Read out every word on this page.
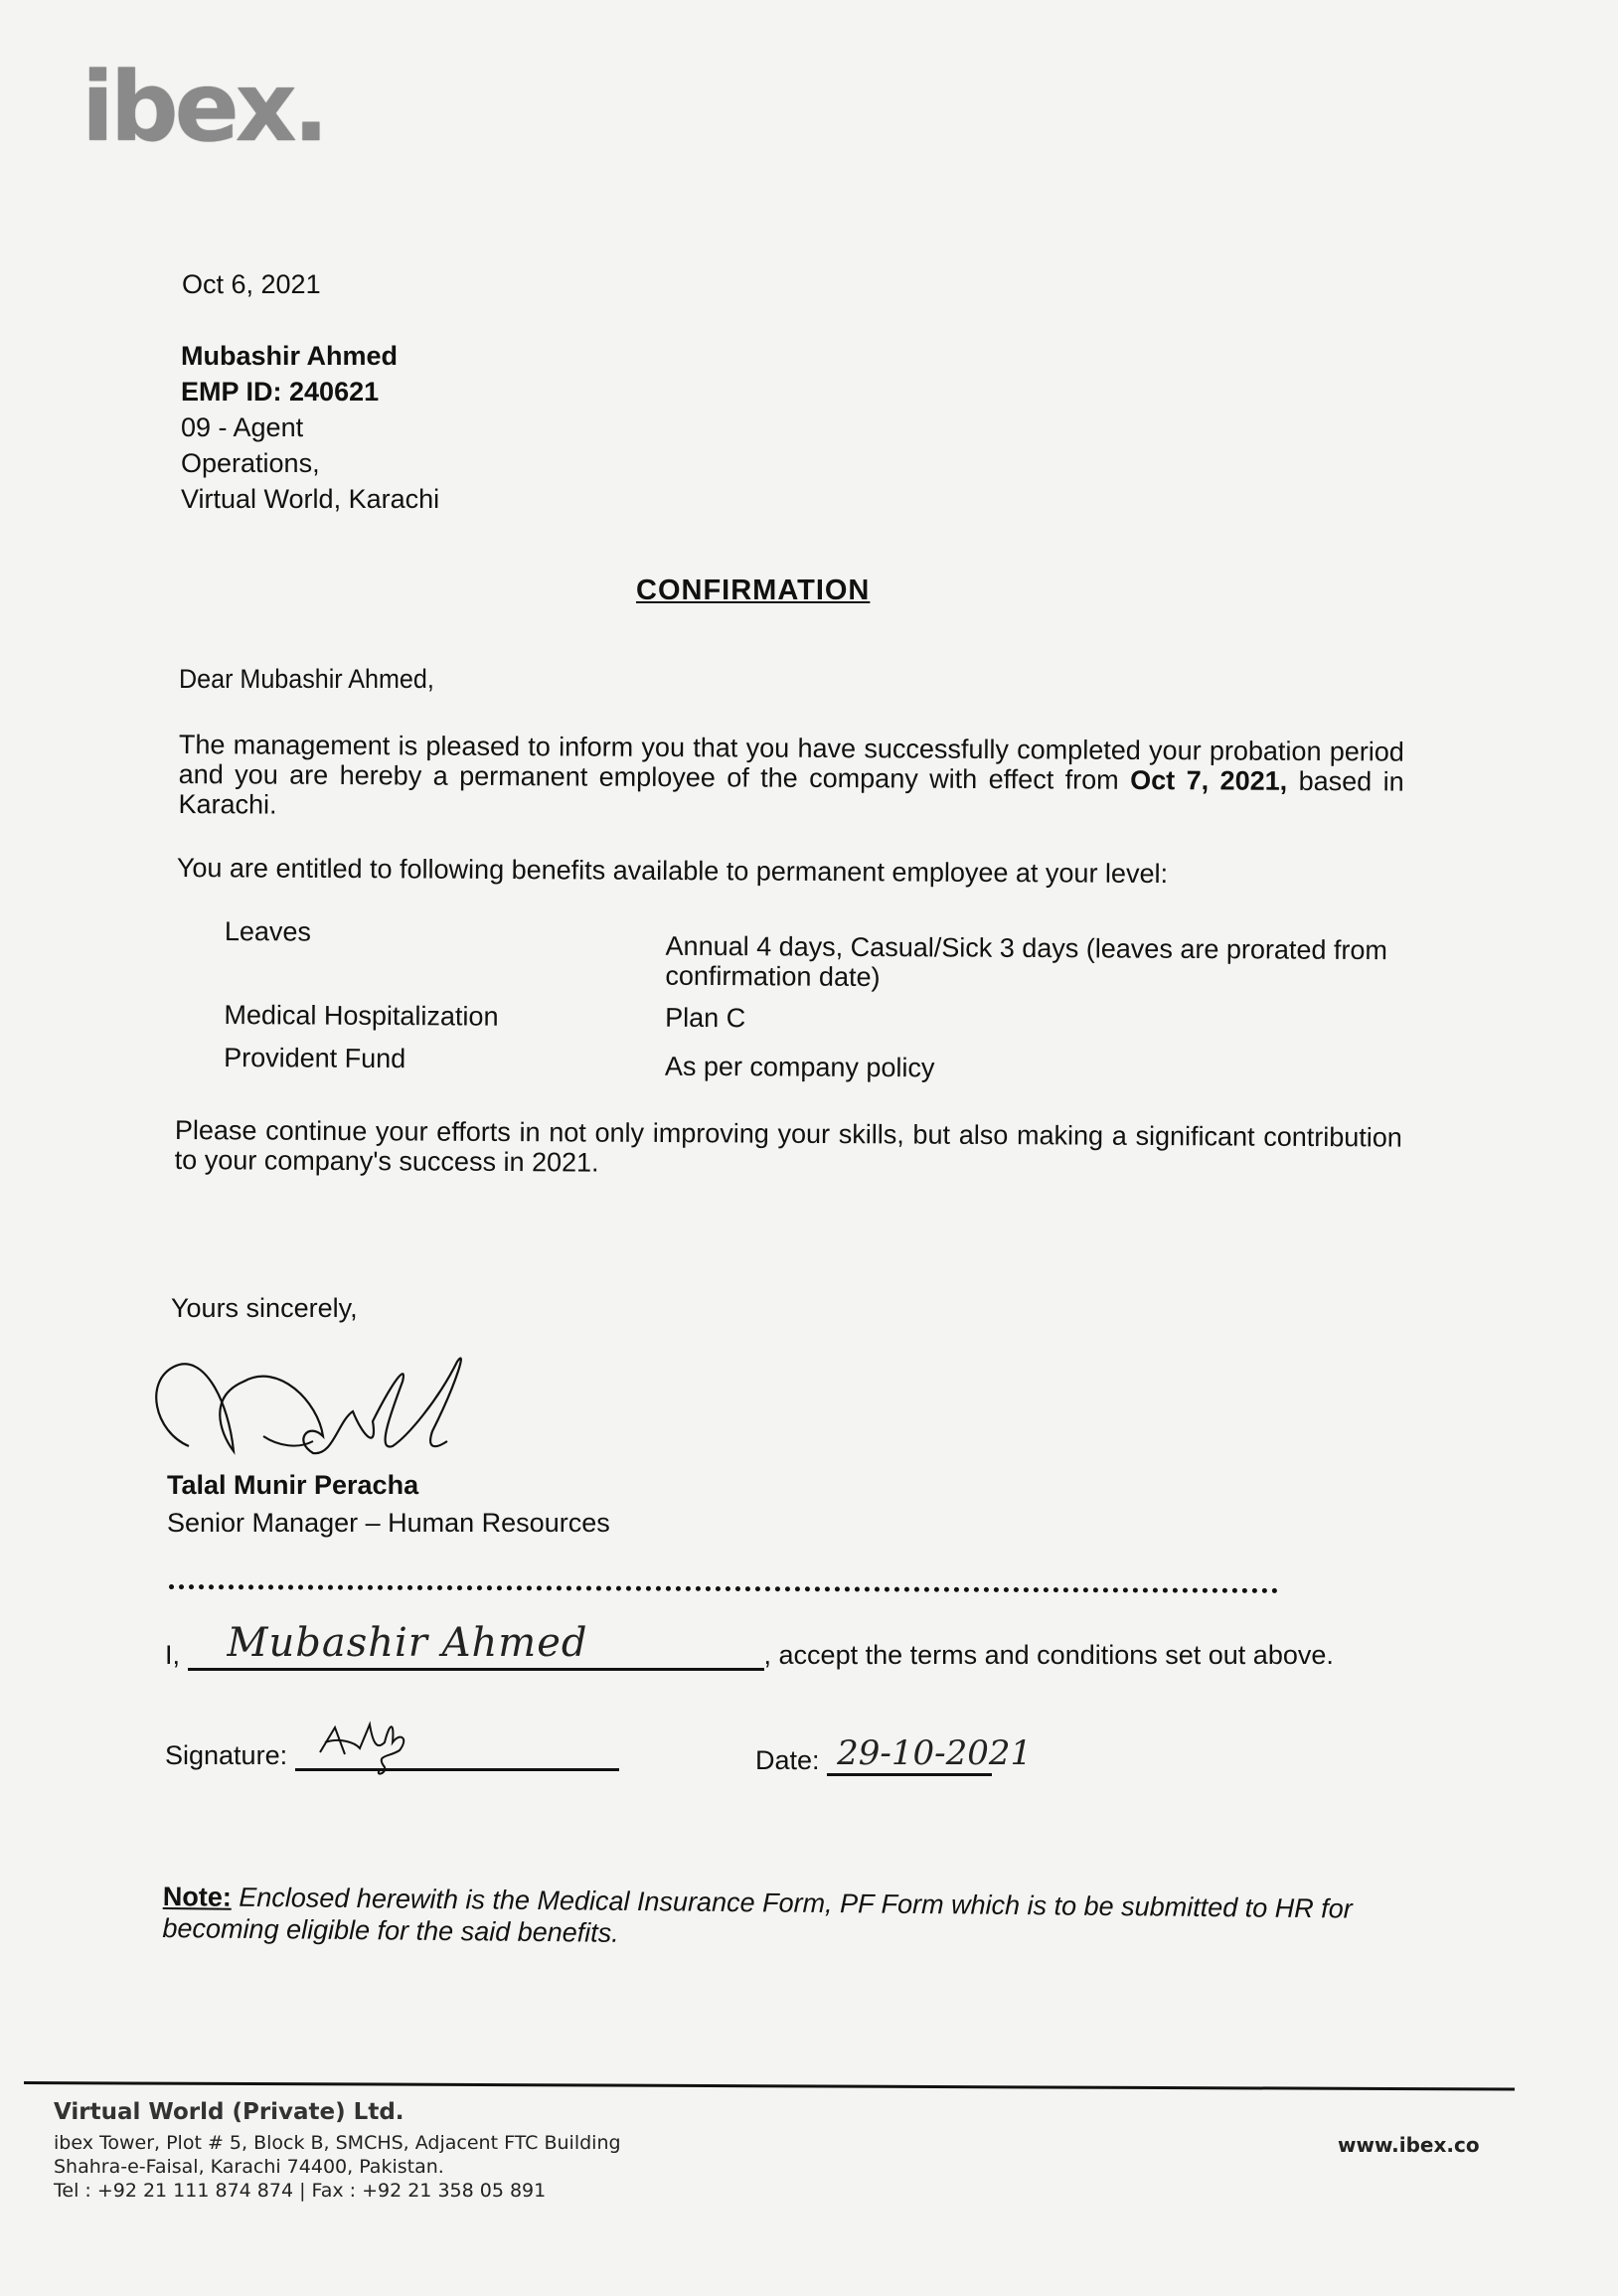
ibex.
Oct 6, 2021
Mubashir Ahmed
EMP ID: 240621
09 - Agent
Operations,
Virtual World, Karachi
CONFIRMATION
Dear Mubashir Ahmed,
The management is pleased to inform you that you have successfully completed your probation period and you are hereby a permanent employee of the company with effect from Oct 7, 2021, based in Karachi.
You are entitled to following benefits available to permanent employee at your level:
Leaves	Annual 4 days, Casual/Sick 3 days (leaves are prorated from confirmation date)
Medical Hospitalization	Plan C
Provident Fund	As per company policy
Please continue your efforts in not only improving your skills, but also making a significant contribution to your company's success in 2021.
Yours sincerely,
Talal Munir Peracha
Senior Manager – Human Resources
I, Mubashir Ahmed	, accept the terms and conditions set out above.
Signature:	Date: 29-10-2021
Note: Enclosed herewith is the Medical Insurance Form, PF Form which is to be submitted to HR for becoming eligible for the said benefits.
Virtual World (Private) Ltd.
ibex Tower, Plot # 5, Block B, SMCHS, Adjacent FTC Building
Shahra-e-Faisal, Karachi 74400, Pakistan.
Tel : +92 21 111 874 874 | Fax : +92 21 358 05 891
www.ibex.co
